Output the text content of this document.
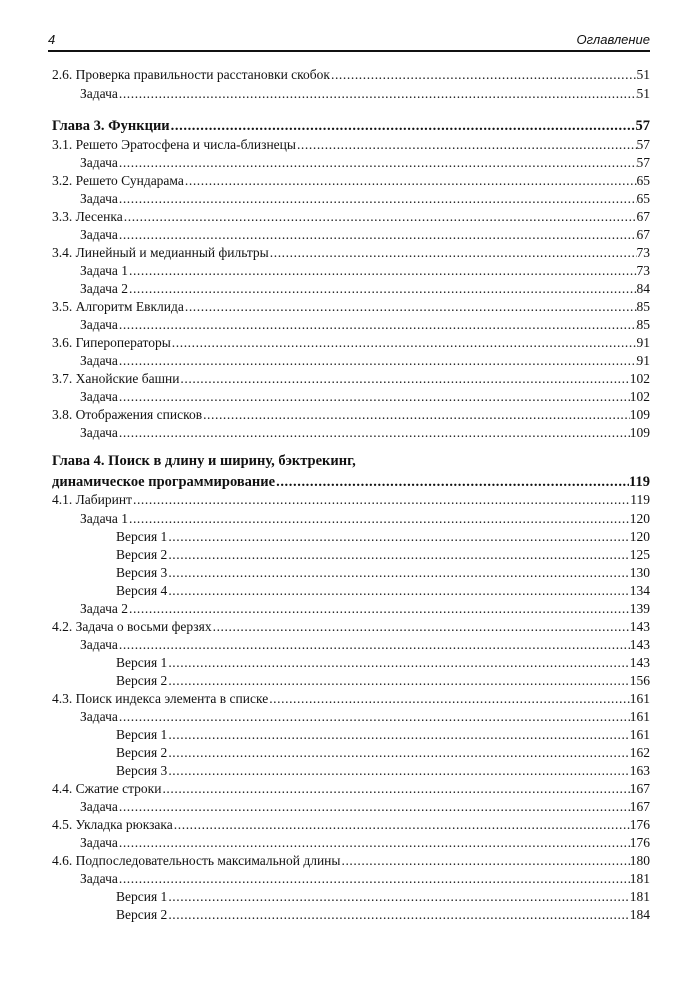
4	Оглавление
2.6. Проверка правильности расстановки скобок .....	51
Задача .....	51
Глава 3. Функции .....	57
3.1. Решето Эратосфена и числа-близнецы .....	57
Задача .....	57
3.2. Решето Сундарама .....	65
Задача .....	65
3.3. Лесенка .....	67
Задача .....	67
3.4. Линейный и медианный фильтры .....	73
Задача 1 .....	73
Задача 2 .....	84
3.5. Алгоритм Евклида .....	85
Задача .....	85
3.6. Гипероператоры .....	91
Задача .....	91
3.7. Ханойские башни .....	102
Задача .....	102
3.8. Отображения списков .....	109
Задача .....	109
Глава 4. Поиск в длину и ширину, бэктрекинг,
динамическое программирование .....	119
4.1. Лабиринт .....	119
Задача 1 .....	120
Версия 1 .....	120
Версия 2 .....	125
Версия 3 .....	130
Версия 4 .....	134
Задача 2 .....	139
4.2. Задача о восьми ферзях .....	143
Задача .....	143
Версия 1 .....	143
Версия 2 .....	156
4.3. Поиск индекса элемента в списке .....	161
Задача .....	161
Версия 1 .....	161
Версия 2 .....	162
Версия 3 .....	163
4.4. Сжатие строки .....	167
Задача .....	167
4.5. Укладка рюкзака .....	176
Задача .....	176
4.6. Подпоследовательность максимальной длины .....	180
Задача .....	181
Версия 1 .....	181
Версия 2 .....	184
